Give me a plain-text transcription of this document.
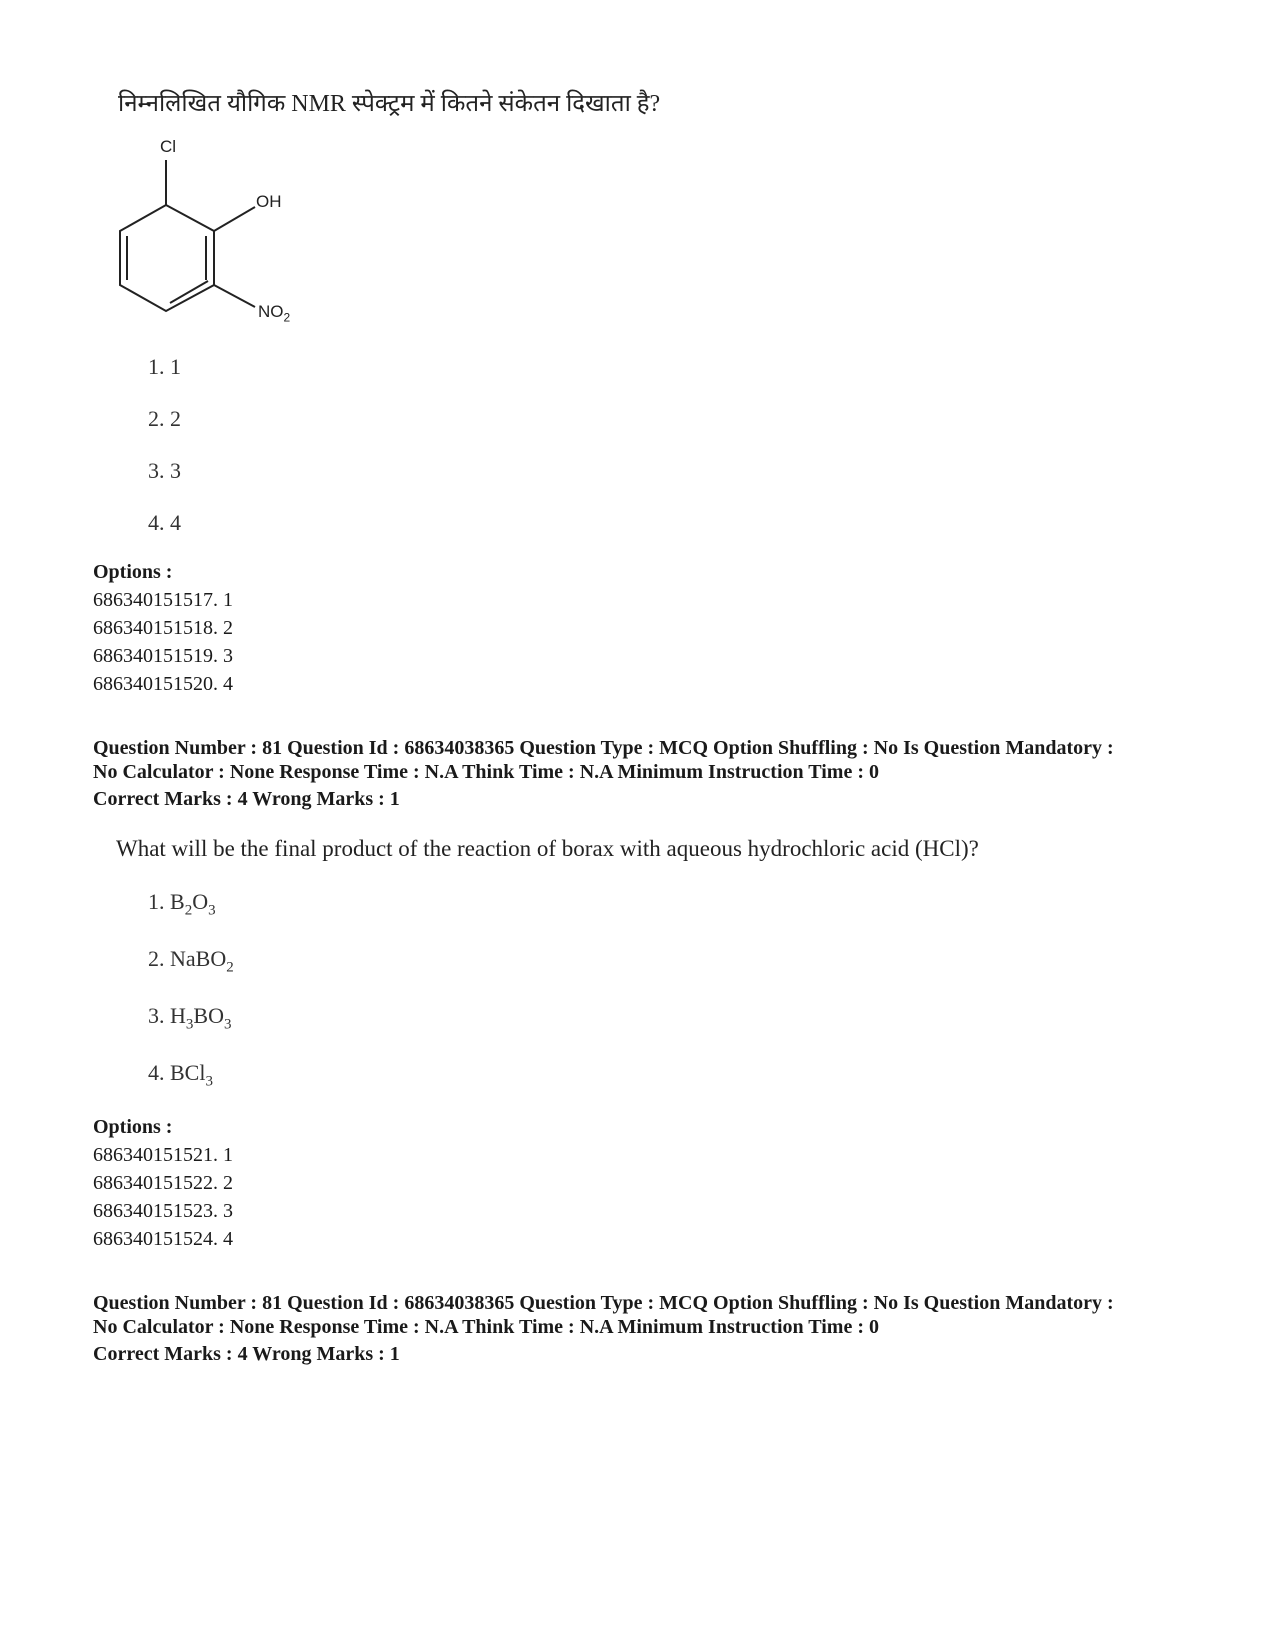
निम्नलिखित यौगिक NMR स्पेक्ट्रम में कितने संकेतन दिखाता है?
Cl
OH
$NO_2$
1. 1
2. 2
3. 3
4. 4
Options :
686340151517. 1
686340151518. 2
686340151519. 3
686340151520. 4
Question Number : 81 Question Id : 68634038365 Question Type : MCQ Option Shuffling : No Is Question Mandatory :
No Calculator : None Response Time : N.A Think Time : N.A Minimum Instruction Time : 0
Correct Marks : 4 Wrong Marks : 1
What will be the final product of the reaction of borax with aqueous hydrochloric acid (HCl)?
1. $B_2O_3$
2. NaBO$_2$
3. $H_3BO_3$
4. BCl$_3$
Options :
686340151521. 1
686340151522. 2
686340151523. 3
686340151524. 4
Question Number : 81 Question Id : 68634038365 Question Type : MCQ Option Shuffling : No Is Question Mandatory :
No Calculator : None Response Time : N.A Think Time : N.A Minimum Instruction Time : 0
Correct Marks : 4 Wrong Marks : 1
